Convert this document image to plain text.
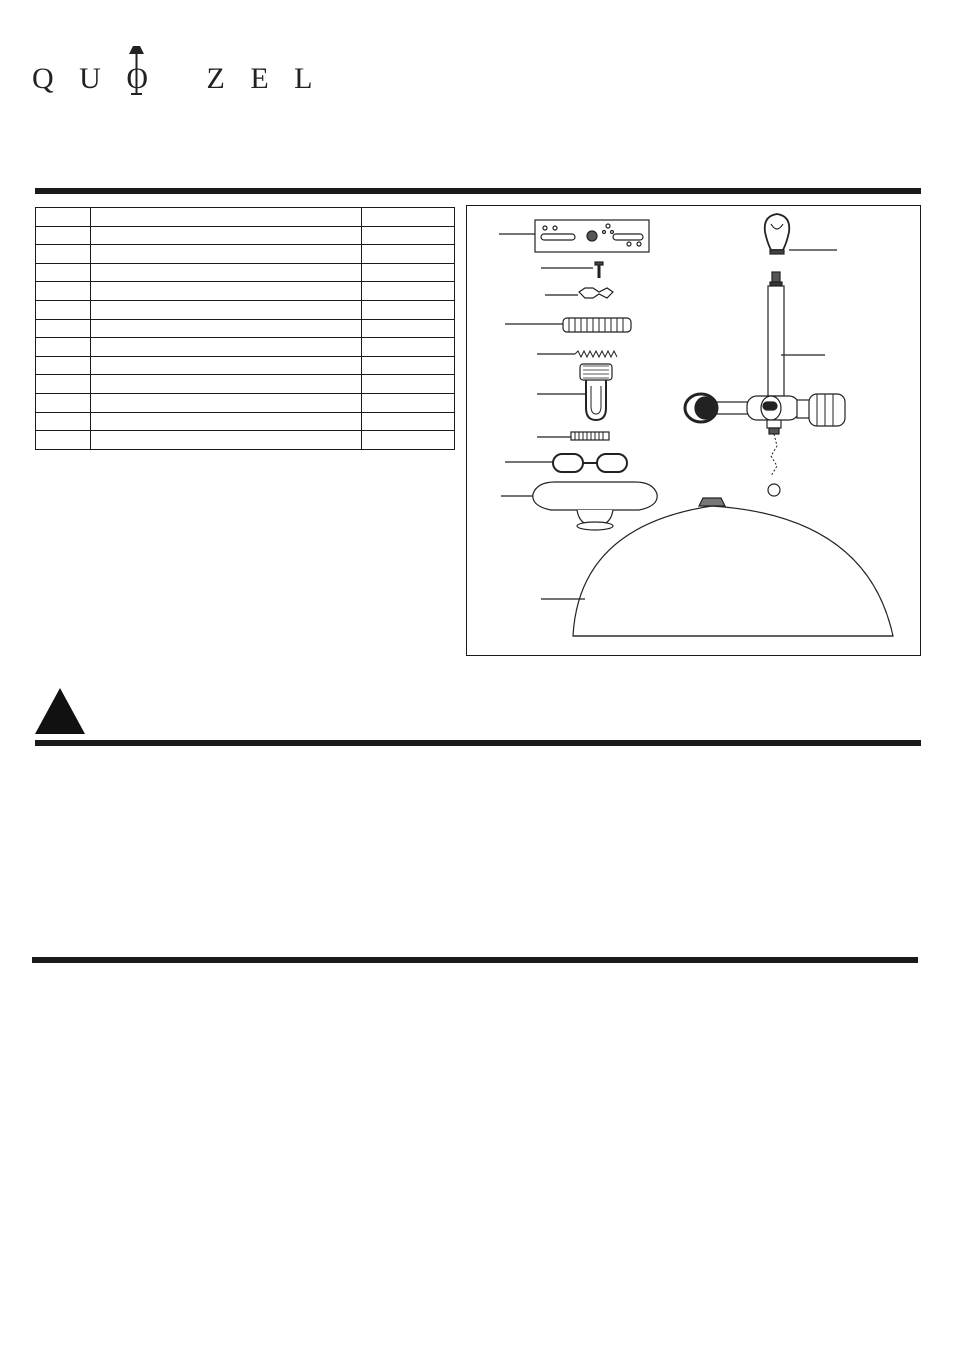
Q U O   Z E L
